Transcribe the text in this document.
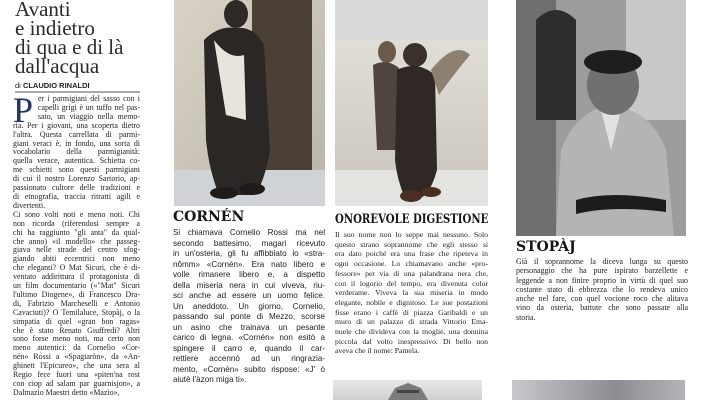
Avanti
e indietro
di qua e di là
dall'acqua
di CLAUDIO RINALDI
P er i parmigiani del sasso con i
capelli grigi è un tuffo nel pas-
sato, un viaggio nella memo-
ria. Per i giovani, una scoperta dietro
l'altra. Questa carrellata di parmi-
giani veraci è, in fondo, una sorta di
vocabolario della parmigianità:
quella verace, autentica. Schietta co-
me schietti sono questi parmigiani
di cui il nostro Lorenzo Sartorio, ap-
passionato cultore delle tradizioni e
di etnografia, traccia ritratti agili e
divertenti.
Ci sono volti noti e meno noti. Chi
non ricorda (riferendosi sempre a
chi ha raggiunto "gli anta" da qual-
che anno) «il modello» che passeg-
giava nelle strade del centro sfog-
giando abiti eccentrici non meno
che eleganti? O Mat Sicuri, che è di-
ventato addirittura il protagonista di
un film documentario («"Mat" Sicuri
l'ultimo Diogene», di Francesco Dra-
di, Fabrizio Marcheselli e Antonio
Cavaciuti)? O Temilaluce, Stopàj, o la
simpatia di quel «gran bon ragas»
che è stato Renato Giuffredi? Altri
sono forse meno noti, ma certo non
meno autentici: da Cornelio «Cor-
nén» Rossi a «Spagiaròn», da «An-
ghinett l'Epicureo», che una sera al
Regio fece fuori una «piten'na rost
con ciop ad salam par guarnisjon», a
Dalmazio Maestri detto «Mazio»,
CORNÉN
Si chiamava Cornelio Rossi ma nel
secondo battesimo, magari ricevuto
in un'osteria, gli fu affibbiato lo «stra-
nômm» «Cornén». Era nato libero e
volle rimanere libero e, a dispetto
della miseria nera in cui viveva, riu-
sci anche ad essere un uomo felice.
Un aneddoto. Un giorno, Cornelio,
passando sul ponte di Mezzo, scorse
un asino che trainava un pesante
carico di legna. «Cornén» non esitò a
spingere il carro e, quando il car-
rettiere accennò ad un ringrazia-
mento, «Cornén» subito rispose: «J' ò
aiutè l'àzon miga ti».
ONOREVOLE DIGESTIONE
Il suo nome non lo seppe mai nessuno. Solo
questo strano soprannome che egli stesso si
era dato poiché era una frase che ripeteva in
ogni occasione. Lo chiamavano anche «pro-
fessore» per via di una palandrana nera che,
con il logorio del tempo, era divenuta color
verderame. Viveva la sua miseria in modo
elegante, nobile e dignitoso. Le sue postazioni
fisse erano i caffè di piazza Garibaldi e un
muro di un palazzo di strada Vittorio Ema-
nuele che divideva con la moglie, una donnina
piccola dal volto inespressivo. Di bello non
aveva che il nome: Pamela.
STOPÀJ
Già il soprannome la diceva lunga su questo
personaggio che ha pure ispirato barzellette e
leggende a non finire proprio in virtù di quel suo
costante stato di ebbrezza che lo rendeva unico
anche nel fare, con quel vocione roco che alitava
vino da osteria, battute che sono passate alla
storia.
